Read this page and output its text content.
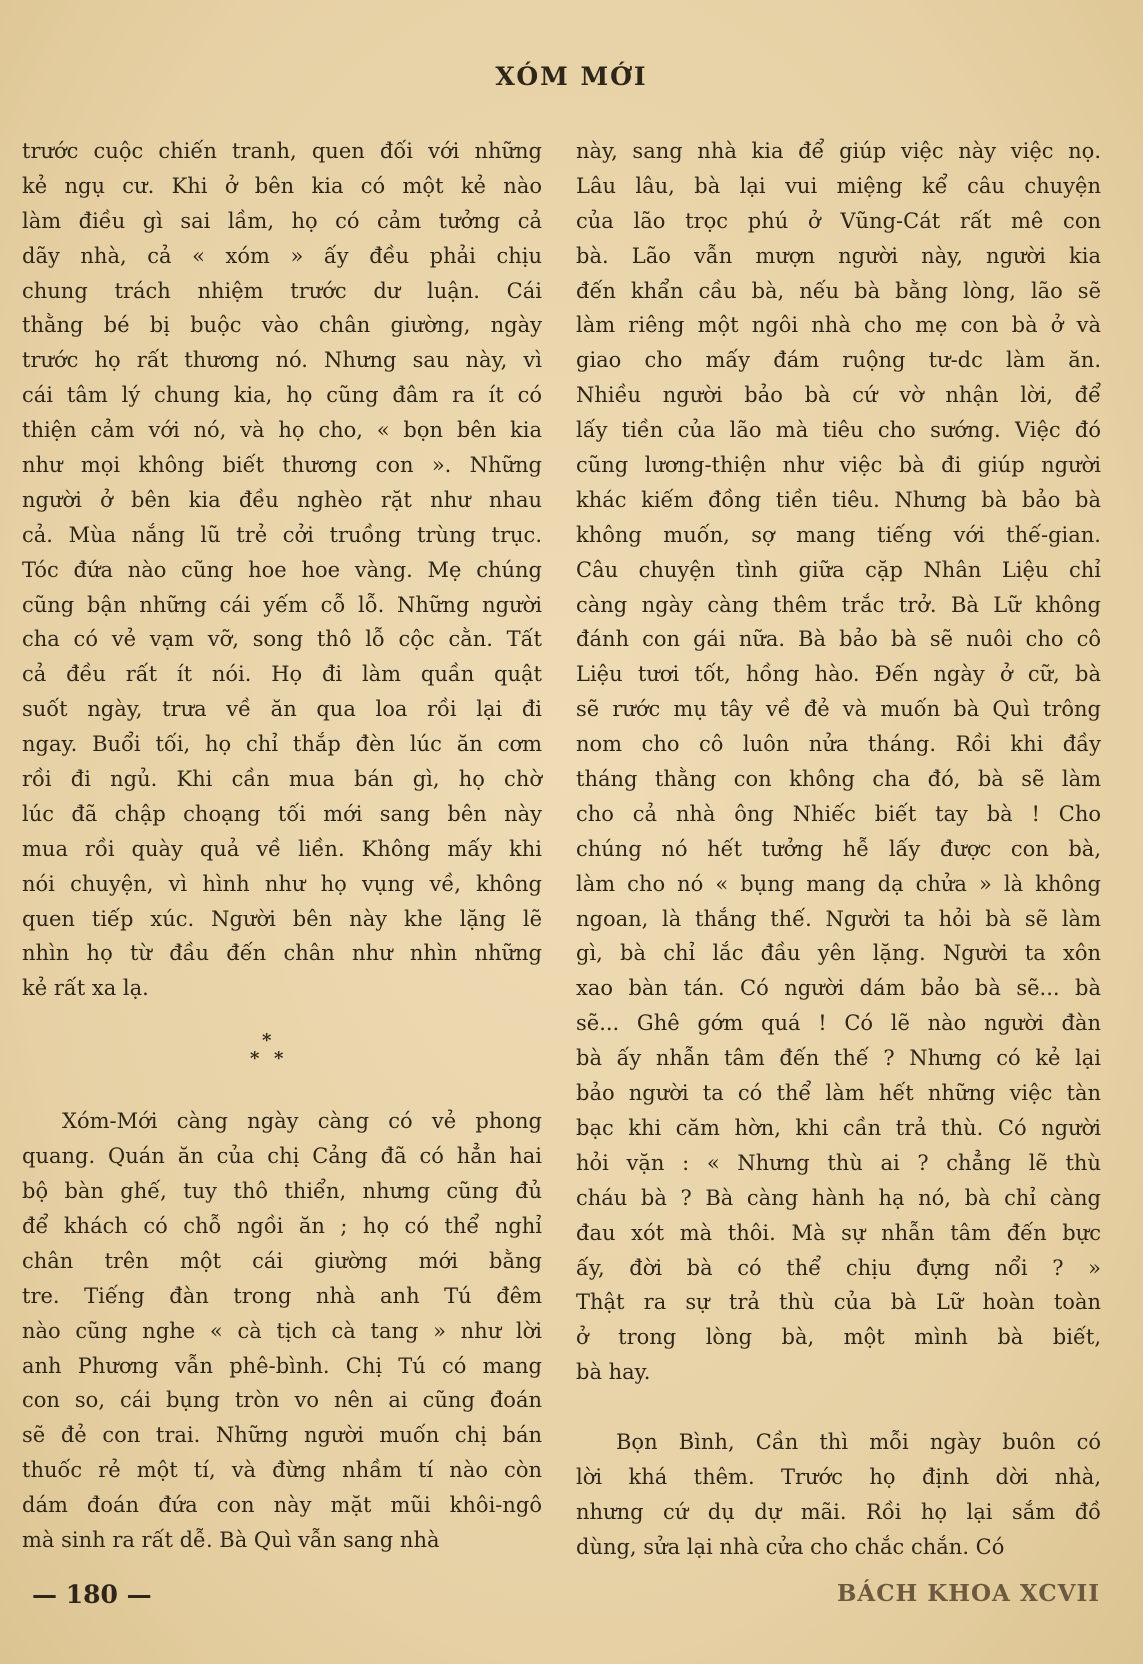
XÓM MỚI
trước cuộc chiến tranh, quen đối với những
kẻ ngụ cư. Khi ở bên kia có một kẻ nào
làm điều gì sai lầm, họ có cảm tưởng cả
dãy nhà, cả « xóm » ấy đều phải chịu
chung trách nhiệm trước dư luận. Cái
thằng bé bị buộc vào chân giường, ngày
trước họ rất thương nó. Nhưng sau này, vì
cái tâm lý chung kia, họ cũng đâm ra ít có
thiện cảm với nó, và họ cho, « bọn bên kia
như mọi không biết thương con ». Những
người ở bên kia đều nghèo rặt như nhau
cả. Mùa nắng lũ trẻ cởi truồng trùng trục.
Tóc đứa nào cũng hoe hoe vàng. Mẹ chúng
cũng bận những cái yếm cỗ lỗ. Những người
cha có vẻ vạm vỡ, song thô lỗ cộc cằn. Tất
cả đều rất ít nói. Họ đi làm quần quật
suốt ngày, trưa về ăn qua loa rồi lại đi
ngay. Buổi tối, họ chỉ thắp đèn lúc ăn cơm
rồi đi ngủ. Khi cần mua bán gì, họ chờ
lúc đã chập choạng tối mới sang bên này
mua rồi quày quả về liền. Không mấy khi
nói chuyện, vì hình như họ vụng về, không
quen tiếp xúc. Người bên này khe lặng lẽ
nhìn họ từ đầu đến chân như nhìn những
kẻ rất xa lạ.
*
* *
Xóm-Mới càng ngày càng có vẻ phong
quang. Quán ăn của chị Cảng đã có hẳn hai
bộ bàn ghế, tuy thô thiển, nhưng cũng đủ
để khách có chỗ ngồi ăn ; họ có thể nghỉ
chân trên một cái giường mới bằng
tre. Tiếng đàn trong nhà anh Tú đêm
nào cũng nghe « cà tịch cà tang » như lời
anh Phương vẫn phê-bình. Chị Tú có mang
con so, cái bụng tròn vo nên ai cũng đoán
sẽ đẻ con trai. Những người muốn chị bán
thuốc rẻ một tí, và đừng nhầm tí nào còn
dám đoán đứa con này mặt mũi khôi-ngô
mà sinh ra rất dễ. Bà Quì vẫn sang nhà
này, sang nhà kia để giúp việc này việc nọ.
Lâu lâu, bà lại vui miệng kể câu chuyện
của lão trọc phú ở Vũng-Cát rất mê con
bà. Lão vẫn mượn người này, người kia
đến khẩn cầu bà, nếu bà bằng lòng, lão sẽ
làm riêng một ngôi nhà cho mẹ con bà ở và
giao cho mấy đám ruộng tư-dc làm ăn.
Nhiều người bảo bà cứ vờ nhận lời, để
lấy tiền của lão mà tiêu cho sướng. Việc đó
cũng lương-thiện như việc bà đi giúp người
khác kiếm đồng tiền tiêu. Nhưng bà bảo bà
không muốn, sợ mang tiếng với thế-gian.
Câu chuyện tình giữa cặp Nhân Liệu chỉ
càng ngày càng thêm trắc trở. Bà Lữ không
đánh con gái nữa. Bà bảo bà sẽ nuôi cho cô
Liệu tươi tốt, hồng hào. Đến ngày ở cữ, bà
sẽ rước mụ tây về đẻ và muốn bà Quì trông
nom cho cô luôn nửa tháng. Rồi khi đầy
tháng thằng con không cha đó, bà sẽ làm
cho cả nhà ông Nhiếc biết tay bà ! Cho
chúng nó hết tưởng hễ lấy được con bà,
làm cho nó « bụng mang dạ chửa » là không
ngoan, là thắng thế. Người ta hỏi bà sẽ làm
gì, bà chỉ lắc đầu yên lặng. Người ta xôn
xao bàn tán. Có người dám bảo bà sẽ... bà
sẽ... Ghê gớm quá ! Có lẽ nào người đàn
bà ấy nhẫn tâm đến thế ? Nhưng có kẻ lại
bảo người ta có thể làm hết những việc tàn
bạc khi căm hờn, khi cần trả thù. Có người
hỏi vặn : « Nhưng thù ai ? chẳng lẽ thù
cháu bà ? Bà càng hành hạ nó, bà chỉ càng
đau xót mà thôi. Mà sự nhẫn tâm đến bực
ấy, đời bà có thể chịu đựng nổi ? »
Thật ra sự trả thù của bà Lữ hoàn toàn
ở trong lòng bà, một mình bà biết,
bà hay.
Bọn Bình, Cần thì mỗi ngày buôn có
lời khá thêm. Trước họ định dời nhà,
nhưng cứ dụ dự mãi. Rồi họ lại sắm đồ
dùng, sửa lại nhà cửa cho chắc chắn. Có
— 180 —	BÁCH KHOA XCVII
